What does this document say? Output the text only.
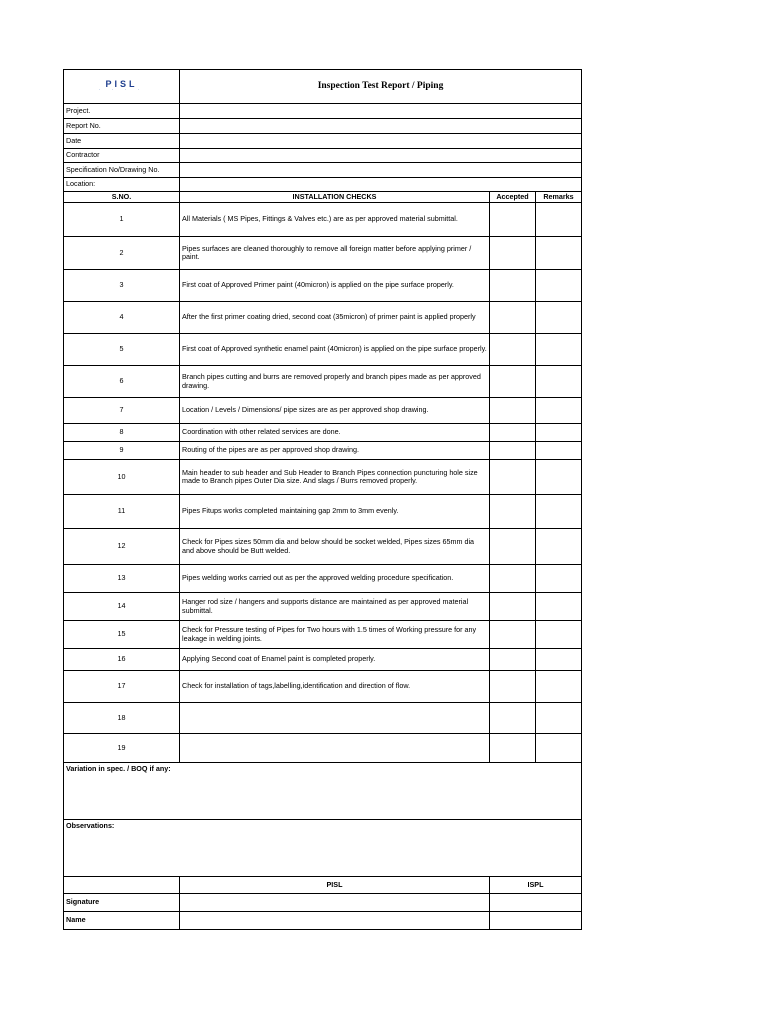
PISL
· · · ·	Inspection Test Report / Piping		
Project.			
Report No.			
Date			
Contractor			
Specification No/Drawing No.			
Location:			
S.NO.	INSTALLATION CHECKS	Accepted	Remarks
1	All Materials ( MS Pipes, Fittings & Valves etc.) are as per approved material submittal.		
2	Pipes surfaces are cleaned thoroughly to remove all foreign matter before applying primer / paint.		
3	First coat of Approved Primer paint (40micron) is applied on the pipe surface properly.		
4	After the first primer coating dried, second coat (35micron) of primer paint is applied properly		
5	First coat of Approved synthetic enamel paint (40micron) is applied on the pipe surface properly.		
6	Branch pipes cutting and burrs are removed properly and branch pipes made as per approved drawing.		
7	Location / Levels / Dimensions/ pipe sizes are as per approved shop drawing.		
8	Coordination with other related services are done.		
9	Routing of the pipes are as per approved shop drawing.		
10	Main header to sub header and Sub Header to Branch Pipes connection puncturing hole size made to Branch pipes Outer Dia size. And slags / Burrs removed properly.		
11	Pipes Fitups works completed maintaining gap 2mm to 3mm evenly.		
12	Check for Pipes sizes 50mm dia and below should be socket welded, Pipes sizes 65mm dia and above should be Butt welded.		
13	Pipes welding works carried out as per the approved welding procedure specification.		
14	Hanger rod size / hangers and supports distance are maintained as per approved material submittal.		
15	Check for Pressure testing of Pipes for Two hours with 1.5 times of Working pressure for any leakage in welding joints.		
16	Applying Second coat of Enamel paint is completed properly.		
17	Check for installation of tags,labelling,identification and direction of flow.		
18			
19			
Variation in spec. / BOQ if any:			
Observations:			
	PISL	ISPL	
Signature			
Name			
